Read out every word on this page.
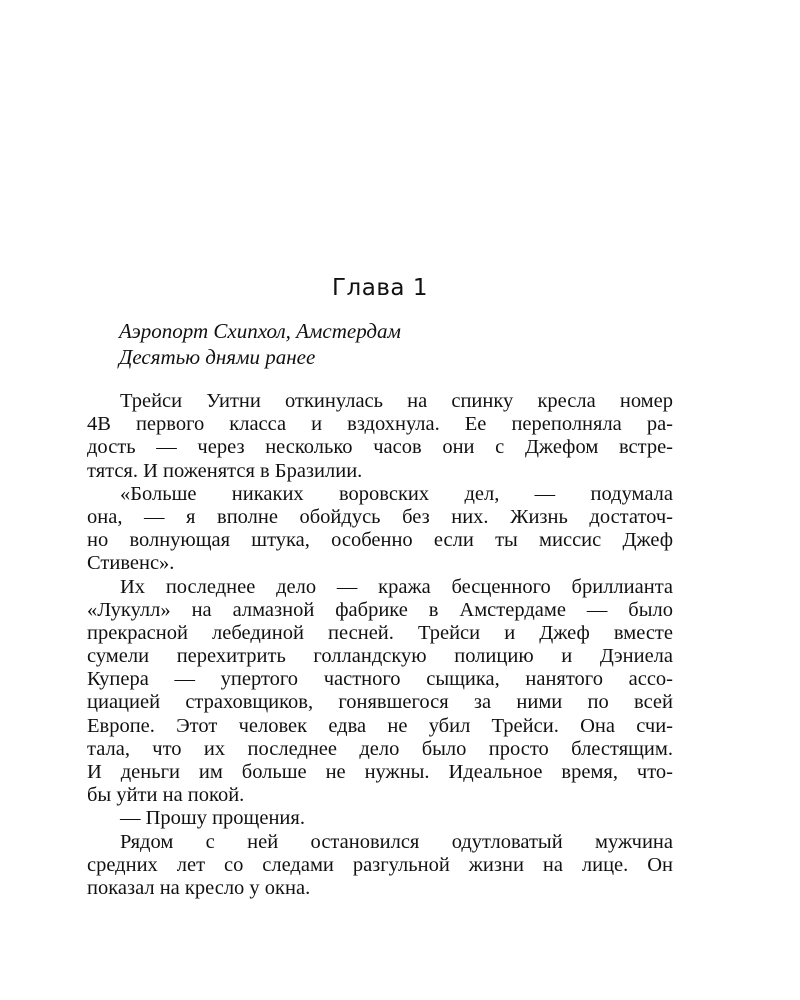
Глава 1
Аэропорт Схипхол, Амстердам
Десятью днями ранее
Трейси Уитни откинулась на спинку кресла номер
4В первого класса и вздохнула. Ее переполняла ра-
дость — через несколько часов они с Джефом встре-
тятся. И поженятся в Бразилии.
«Больше никаких воровских дел, — подумала
она, — я вполне обойдусь без них. Жизнь достаточ-
но волнующая штука, особенно если ты миссис Джеф
Стивенс».
Их последнее дело — кража бесценного бриллианта
«Лукулл» на алмазной фабрике в Амстердаме — было
прекрасной лебединой песней. Трейси и Джеф вместе
сумели перехитрить голландскую полицию и Дэниела
Купера — упертого частного сыщика, нанятого ассо-
циацией страховщиков, гонявшегося за ними по всей
Европе. Этот человек едва не убил Трейси. Она счи-
тала, что их последнее дело было просто блестящим.
И деньги им больше не нужны. Идеальное время, что-
бы уйти на покой.
— Прошу прощения.
Рядом с ней остановился одутловатый мужчина
средних лет со следами разгульной жизни на лице. Он
показал на кресло у окна.
